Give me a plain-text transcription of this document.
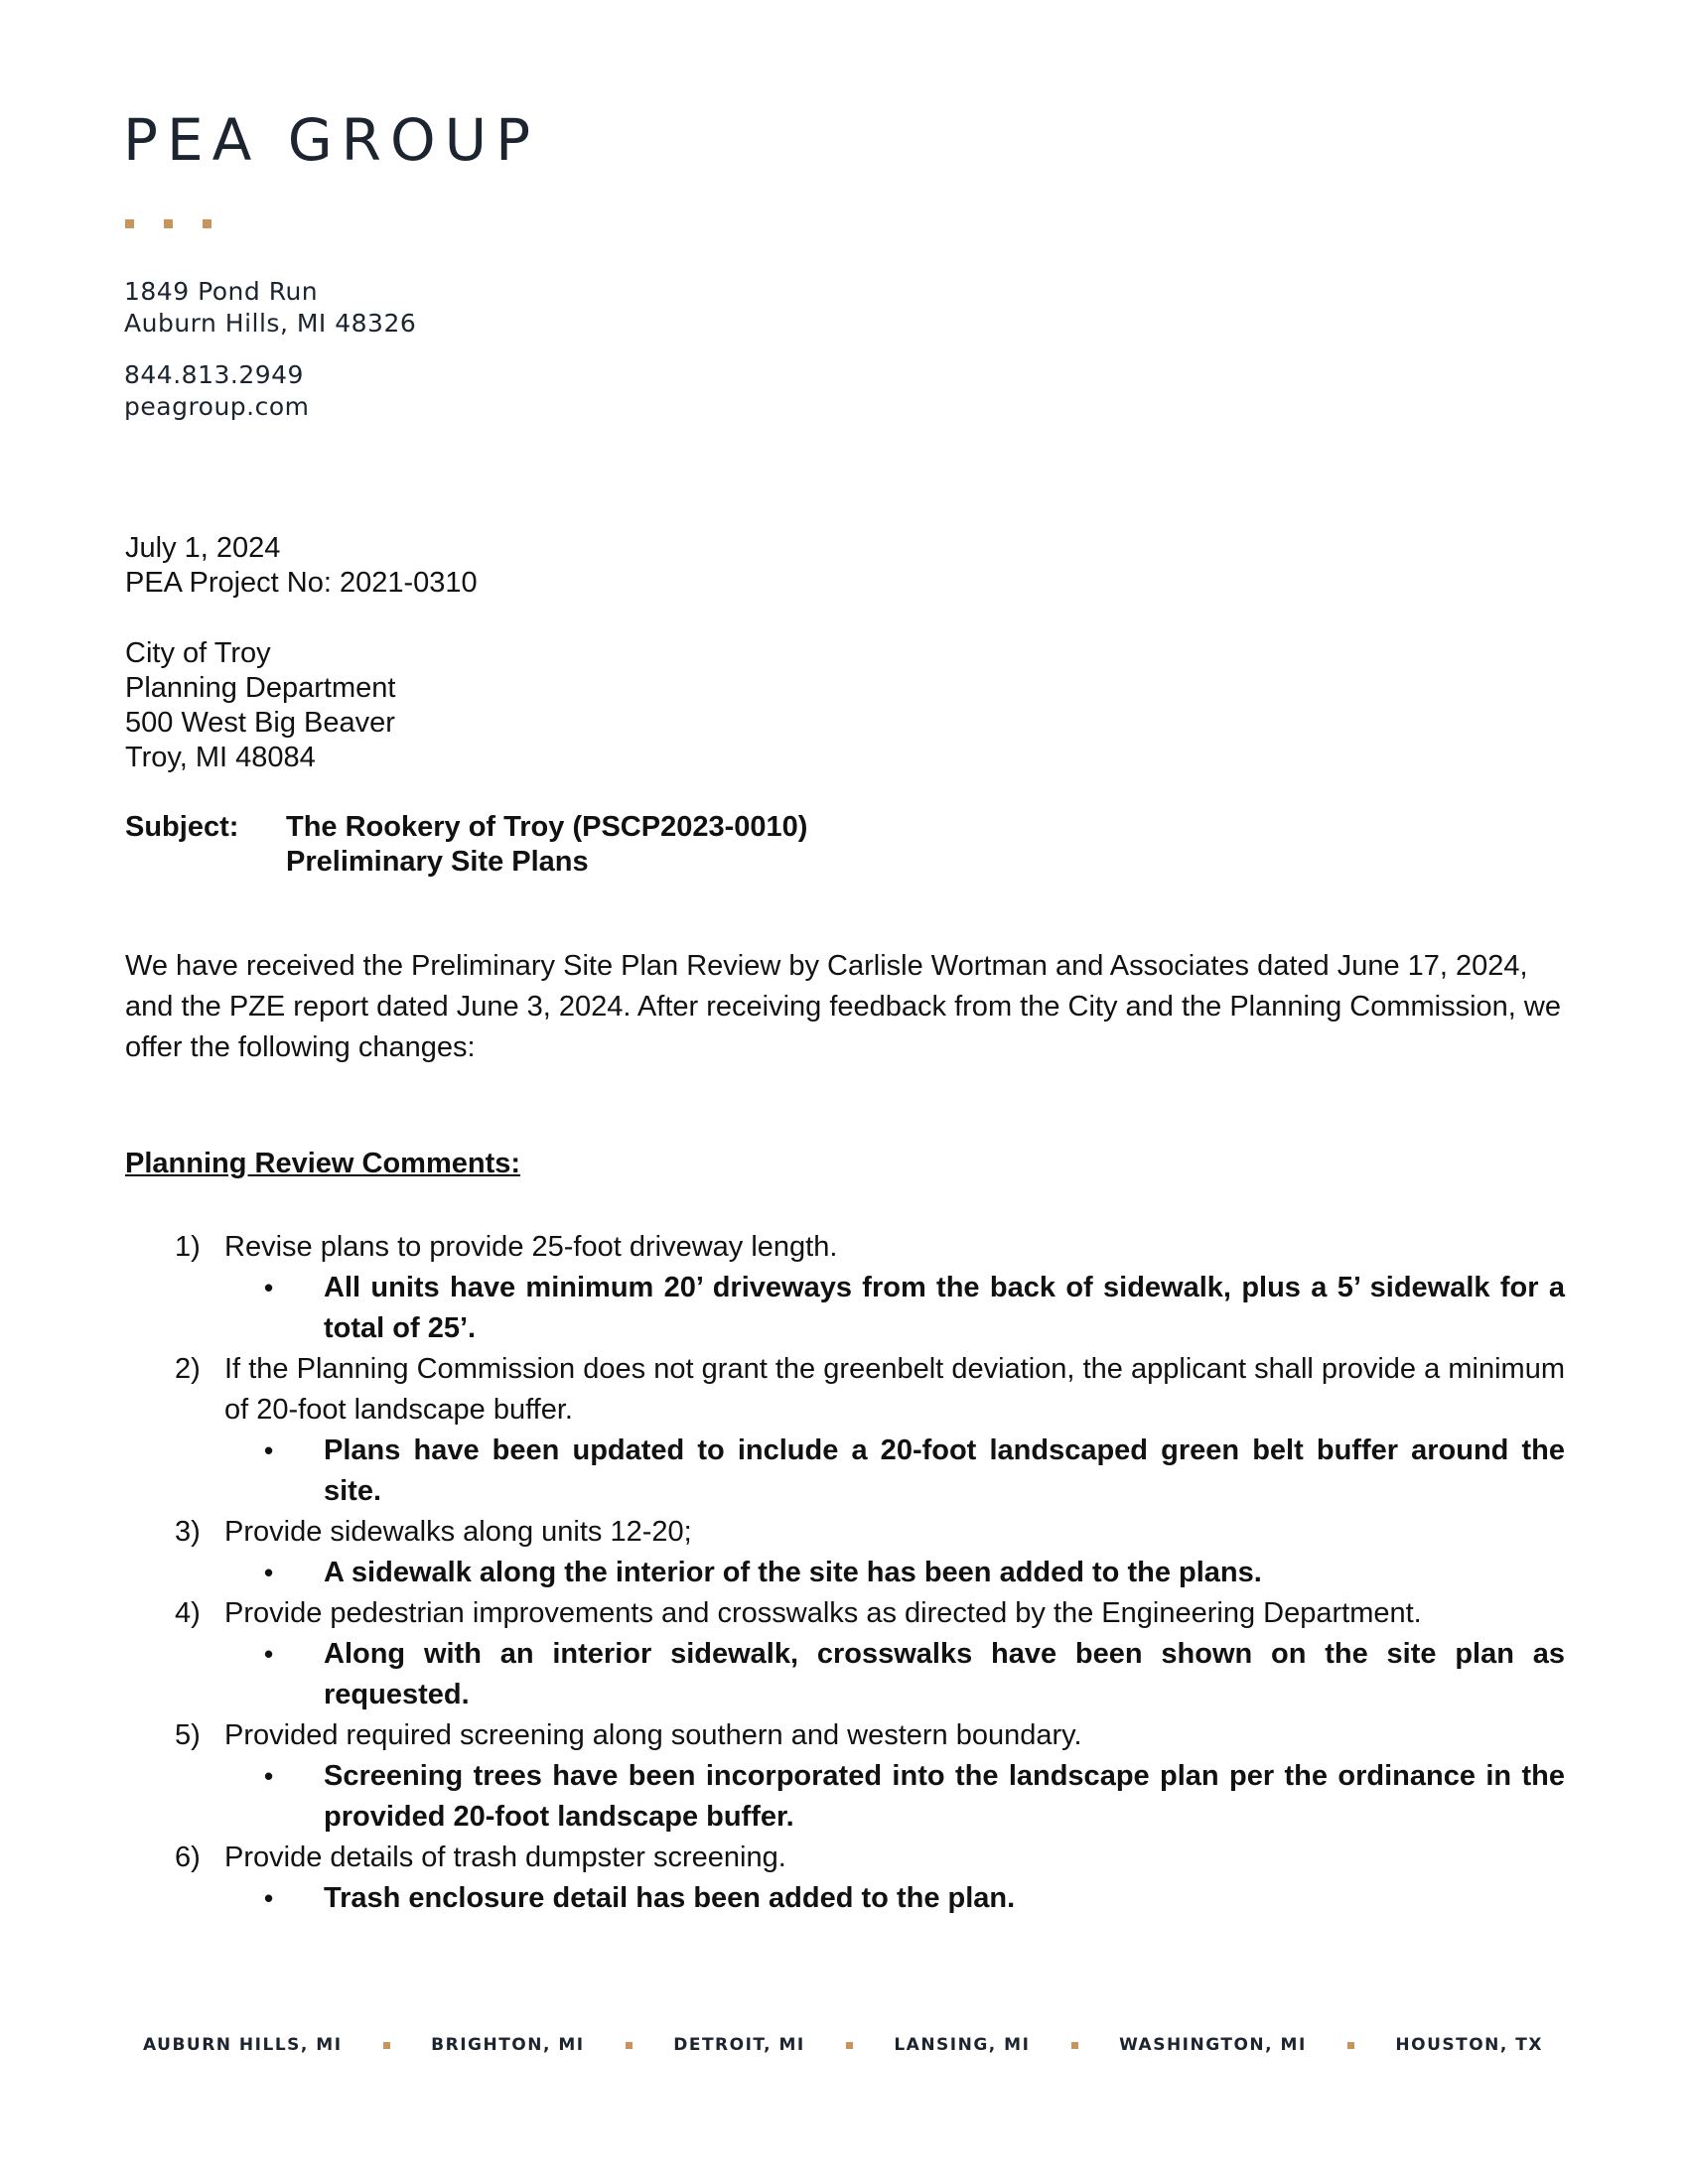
PEA GROUP
1849 Pond Run
Auburn Hills, MI 48326
844.813.2949
peagroup.com
July 1, 2024
PEA Project No: 2021-0310
City of Troy
Planning Department
500 West Big Beaver
Troy, MI 48084
Subject:	The Rookery of Troy (PSCP2023-0010)
Preliminary Site Plans
We have received the Preliminary Site Plan Review by Carlisle Wortman and Associates dated June 17, 2024, and the PZE report dated June 3, 2024. After receiving feedback from the City and the Planning Commission, we offer the following changes:
Planning Review Comments:
1) Revise plans to provide 25-foot driveway length.
•	All units have minimum 20’ driveways from the back of sidewalk, plus a 5’ sidewalk for a total of 25’.
2) If the Planning Commission does not grant the greenbelt deviation, the applicant shall provide a minimum of 20-foot landscape buffer.
•	Plans have been updated to include a 20-foot landscaped green belt buffer around the site.
3) Provide sidewalks along units 12-20;
•	A sidewalk along the interior of the site has been added to the plans.
4) Provide pedestrian improvements and crosswalks as directed by the Engineering Department.
•	Along with an interior sidewalk, crosswalks have been shown on the site plan as requested.
5) Provided required screening along southern and western boundary.
•	Screening trees have been incorporated into the landscape plan per the ordinance in the provided 20-foot landscape buffer.
6) Provide details of trash dumpster screening.
•	Trash enclosure detail has been added to the plan.
AUBURN HILLS, MI	BRIGHTON, MI	DETROIT, MI	LANSING, MI	WASHINGTON, MI	HOUSTON, TX
